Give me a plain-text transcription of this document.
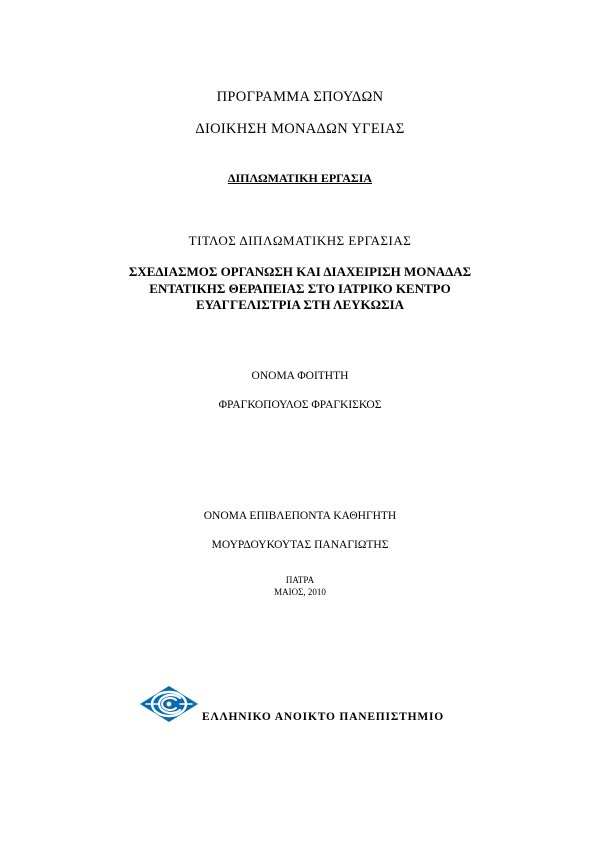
ΠΡΟΓΡΑΜΜΑ ΣΠΟΥΔΩΝ
ΔΙΟΙΚΗΣΗ ΜΟΝΑΔΩΝ ΥΓΕΙΑΣ
ΔΙΠΛΩΜΑΤΙΚΗ ΕΡΓΑΣΙΑ
ΤΙΤΛΟΣ ΔΙΠΛΩΜΑΤΙΚΗΣ ΕΡΓΑΣΙΑΣ
ΣΧΕΔΙΑΣΜΟΣ ΟΡΓΑΝΩΣΗ ΚΑΙ ΔΙΑΧΕΙΡΙΣΗ ΜΟΝΑΔΑΣ
ΕΝΤΑΤΙΚΗΣ ΘΕΡΑΠΕΙΑΣ ΣΤΟ ΙΑΤΡΙΚΟ ΚΕΝΤΡΟ
ΕΥΑΓΓΕΛΙΣΤΡΙΑ ΣΤΗ ΛΕΥΚΩΣΙΑ
ΟΝΟΜΑ ΦΟΙΤΗΤΗ
ΦΡΑΓΚΟΠΟΥΛΟΣ ΦΡΑΓΚΙΣΚΟΣ
ΟΝΟΜΑ ΕΠΙΒΛΕΠΟΝΤΑ ΚΑΘΗΓΗΤΗ
ΜΟΥΡΔΟΥΚΟΥΤΑΣ ΠΑΝΑΓΙΩΤΗΣ
ΠΑΤΡΑ
ΜΑΙΟΣ, 2010
ΕΛΛΗΝΙΚΟ ΑΝΟΙΚΤΟ ΠΑΝΕΠΙΣΤΗΜΙΟ
